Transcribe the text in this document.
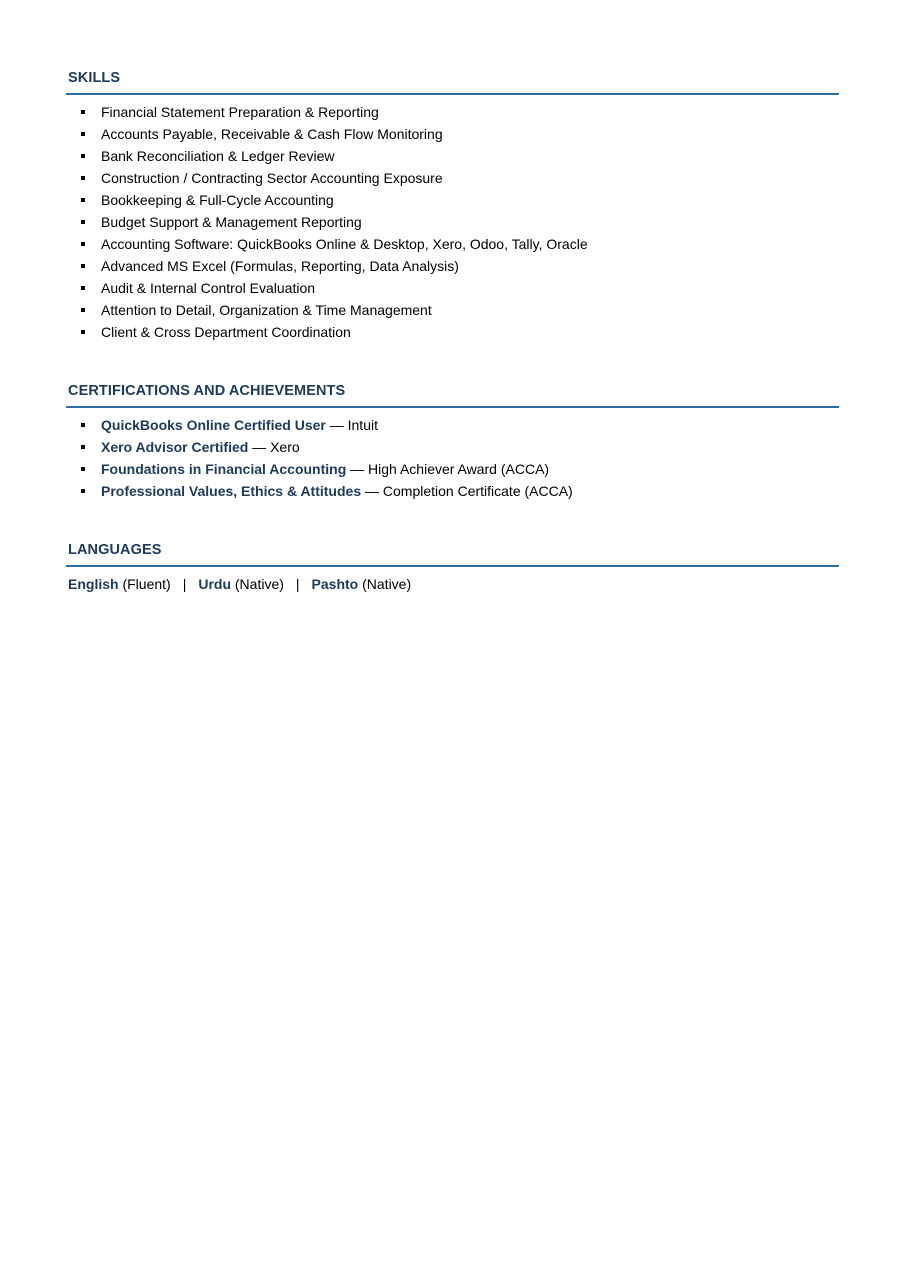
SKILLS
Financial Statement Preparation & Reporting
Accounts Payable, Receivable & Cash Flow Monitoring
Bank Reconciliation & Ledger Review
Construction / Contracting Sector Accounting Exposure
Bookkeeping & Full-Cycle Accounting
Budget Support & Management Reporting
Accounting Software: QuickBooks Online & Desktop, Xero, Odoo, Tally, Oracle
Advanced MS Excel (Formulas, Reporting, Data Analysis)
Audit & Internal Control Evaluation
Attention to Detail, Organization & Time Management
Client & Cross Department Coordination
CERTIFICATIONS AND ACHIEVEMENTS
QuickBooks Online Certified User — Intuit
Xero Advisor Certified — Xero
Foundations in Financial Accounting — High Achiever Award (ACCA)
Professional Values, Ethics & Attitudes — Completion Certificate (ACCA)
LANGUAGES
English (Fluent) | Urdu (Native) | Pashto (Native)
